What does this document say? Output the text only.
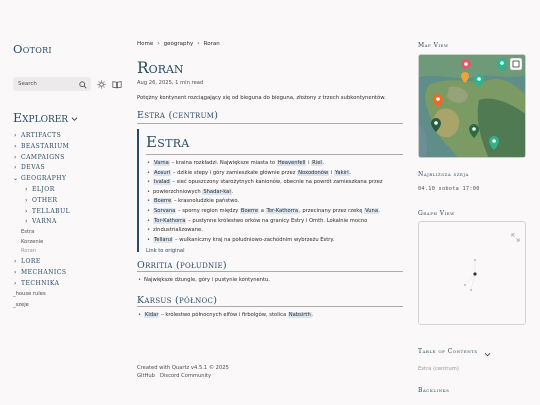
Ootori
Search
Explorer
› ARTIFACTS
› BEASTARIUM
› CAMPAIGNS
› DEVAS
⌄ GEOGRAPHY
› ELJOR
› OTHER
› TELLABUL
› VARNA
Estra
Korzenie
Roran
› LORE
› MECHANICS
› TECHNIKA
_house rules
_szeje
Home › geography › Roran
Roran
Aug 26, 2025, 1 min read

Potężny kontynent rozciągający się od bieguna do bieguna, złożony z trzech subkontynentów.

Estra (centrum)
Estra
• Varna – kraina rozkładzi. Największe miasta to Heavenfell i Riel.
• Aosurl – dzikie stepy i góry zamieszkałe głównie przez Noxodonów i Yakiri.
• Ivalad – sieć opuszczony starożytnych kanionów, obecnie na powrót zamieszkana przez
• powierzchniowych Shadar-kai.
• Boerre – krasnoludzkie państwo.
• Sorvana – sporny region między Boerre a Tor-Kathorra, przecinany przez rzekę Vuna.
• Tor-Kathorra – pustynne królestwo orków na granicy Estry i Omth. Lokalnie mocno
• zindustrializowane.
• Tellarul – wulkaniczny kraj na południowo-zachodnim wybrzeżu Estry.
Link to original
Orritia (południe)
• Największe dżungle, góry i pustynie kontynentu.
Karsus (północ)
• Kidar – królestwo północnych elfów i firbolgów, stolica Nabsirth.
Created with Quartz v4.5.1 © 2025
GitHub Discord Community
Map View
Najbliższa szeja
04.10 sobota 17:00
Graph View
Table of Contents
Estra (centrum)
Backlinks
